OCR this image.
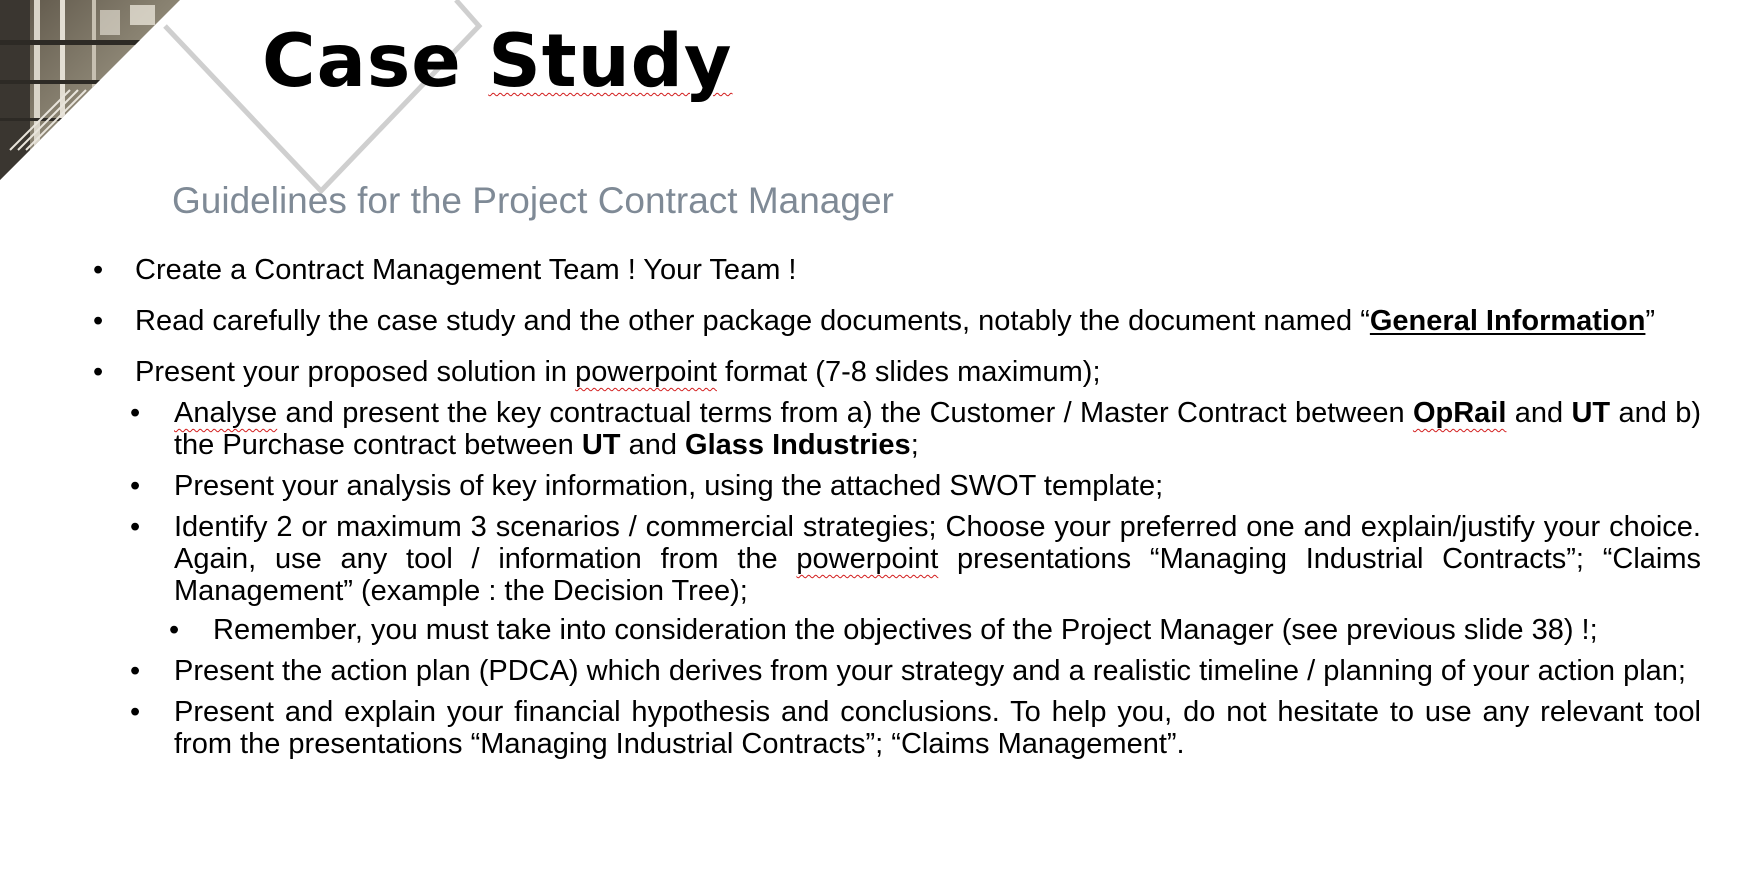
Case Study
Guidelines for the Project Contract Manager
• Create a Contract Management Team ! Your Team !
• Read carefully the case study and the other package documents, notably the document named “General Information”
• Present your proposed solution in powerpoint format (7-8 slides maximum);
• Analyse and present the key contractual terms from a) the Customer / Master Contract between OpRail and UT and b) the Purchase contract between UT and Glass Industries;
• Present your analysis of key information, using the attached SWOT template;
• Identify 2 or maximum 3 scenarios / commercial strategies; Choose your preferred one and explain/justify your choice. Again, use any tool / information from the powerpoint presentations “Managing Industrial Contracts”; “Claims Management” (example : the Decision Tree);
• Remember, you must take into consideration the objectives of the Project Manager (see previous slide 38) !;
• Present the action plan (PDCA) which derives from your strategy and a realistic timeline / planning of your action plan;
• Present and explain your financial hypothesis and conclusions. To help you, do not hesitate to use any relevant tool from the presentations “Managing Industrial Contracts”; “Claims Management”.
